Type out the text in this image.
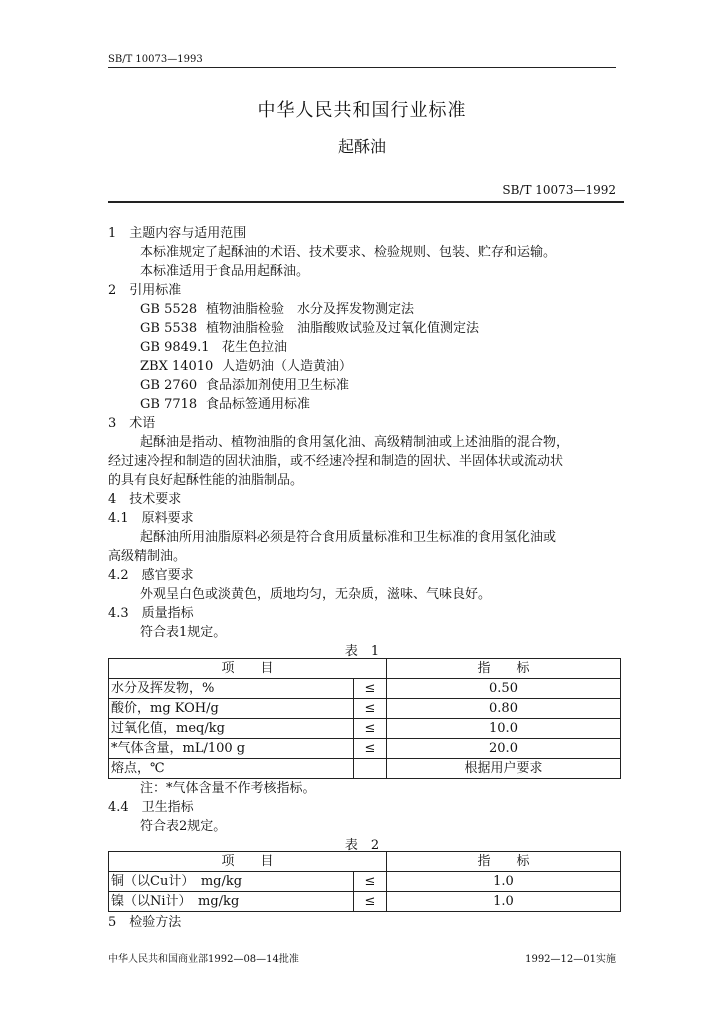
SB/T 10073—1993
中华人民共和国行业标准
起酥油
SB/T 10073—1992
1　主题内容与适用范围
本标准规定了起酥油的术语、技术要求、检验规则、包装、贮存和运输。
本标准适用于食品用起酥油。
2　引用标准
GB 5528 植物油脂检验　水分及挥发物测定法
GB 5538 植物油脂检验　油脂酸败试验及过氧化值测定法
GB 9849.1 花生色拉油
ZBX 14010 人造奶油（人造黄油）
GB 2760 食品添加剂使用卫生标准
GB 7718 食品标签通用标准
3　术语
起酥油是指动、植物油脂的食用氢化油、高级精制油或上述油脂的混合物，
经过速冷捏和制造的固状油脂，或不经速冷捏和制造的固状、半固体状或流动状
的具有良好起酥性能的油脂制品。
4　技术要求
4.1　原料要求
起酥油所用油脂原料必须是符合食用质量标准和卫生标准的食用氢化油或
高级精制油。
4.2　感官要求
外观呈白色或淡黄色，质地均匀，无杂质，滋味、气味良好。
4.3　质量指标
符合表1规定。
表　1
项　　目		指　　标
水分及挥发物，%	≤	0.50
酸价，mg KOH/g	≤	0.80
过氧化值，meq/kg	≤	10.0
*气体含量，mL/100 g	≤	20.0
熔点，℃		根据用户要求
注：*气体含量不作考核指标。
4.4　卫生指标
符合表2规定。
表　2
项　　目		指　　标
铜（以Cu计）　mg/kg	≤	1.0
镍（以Ni计）　mg/kg	≤	1.0
5　检验方法
中华人民共和国商业部1992—08—14批准	1992—12—01实施
